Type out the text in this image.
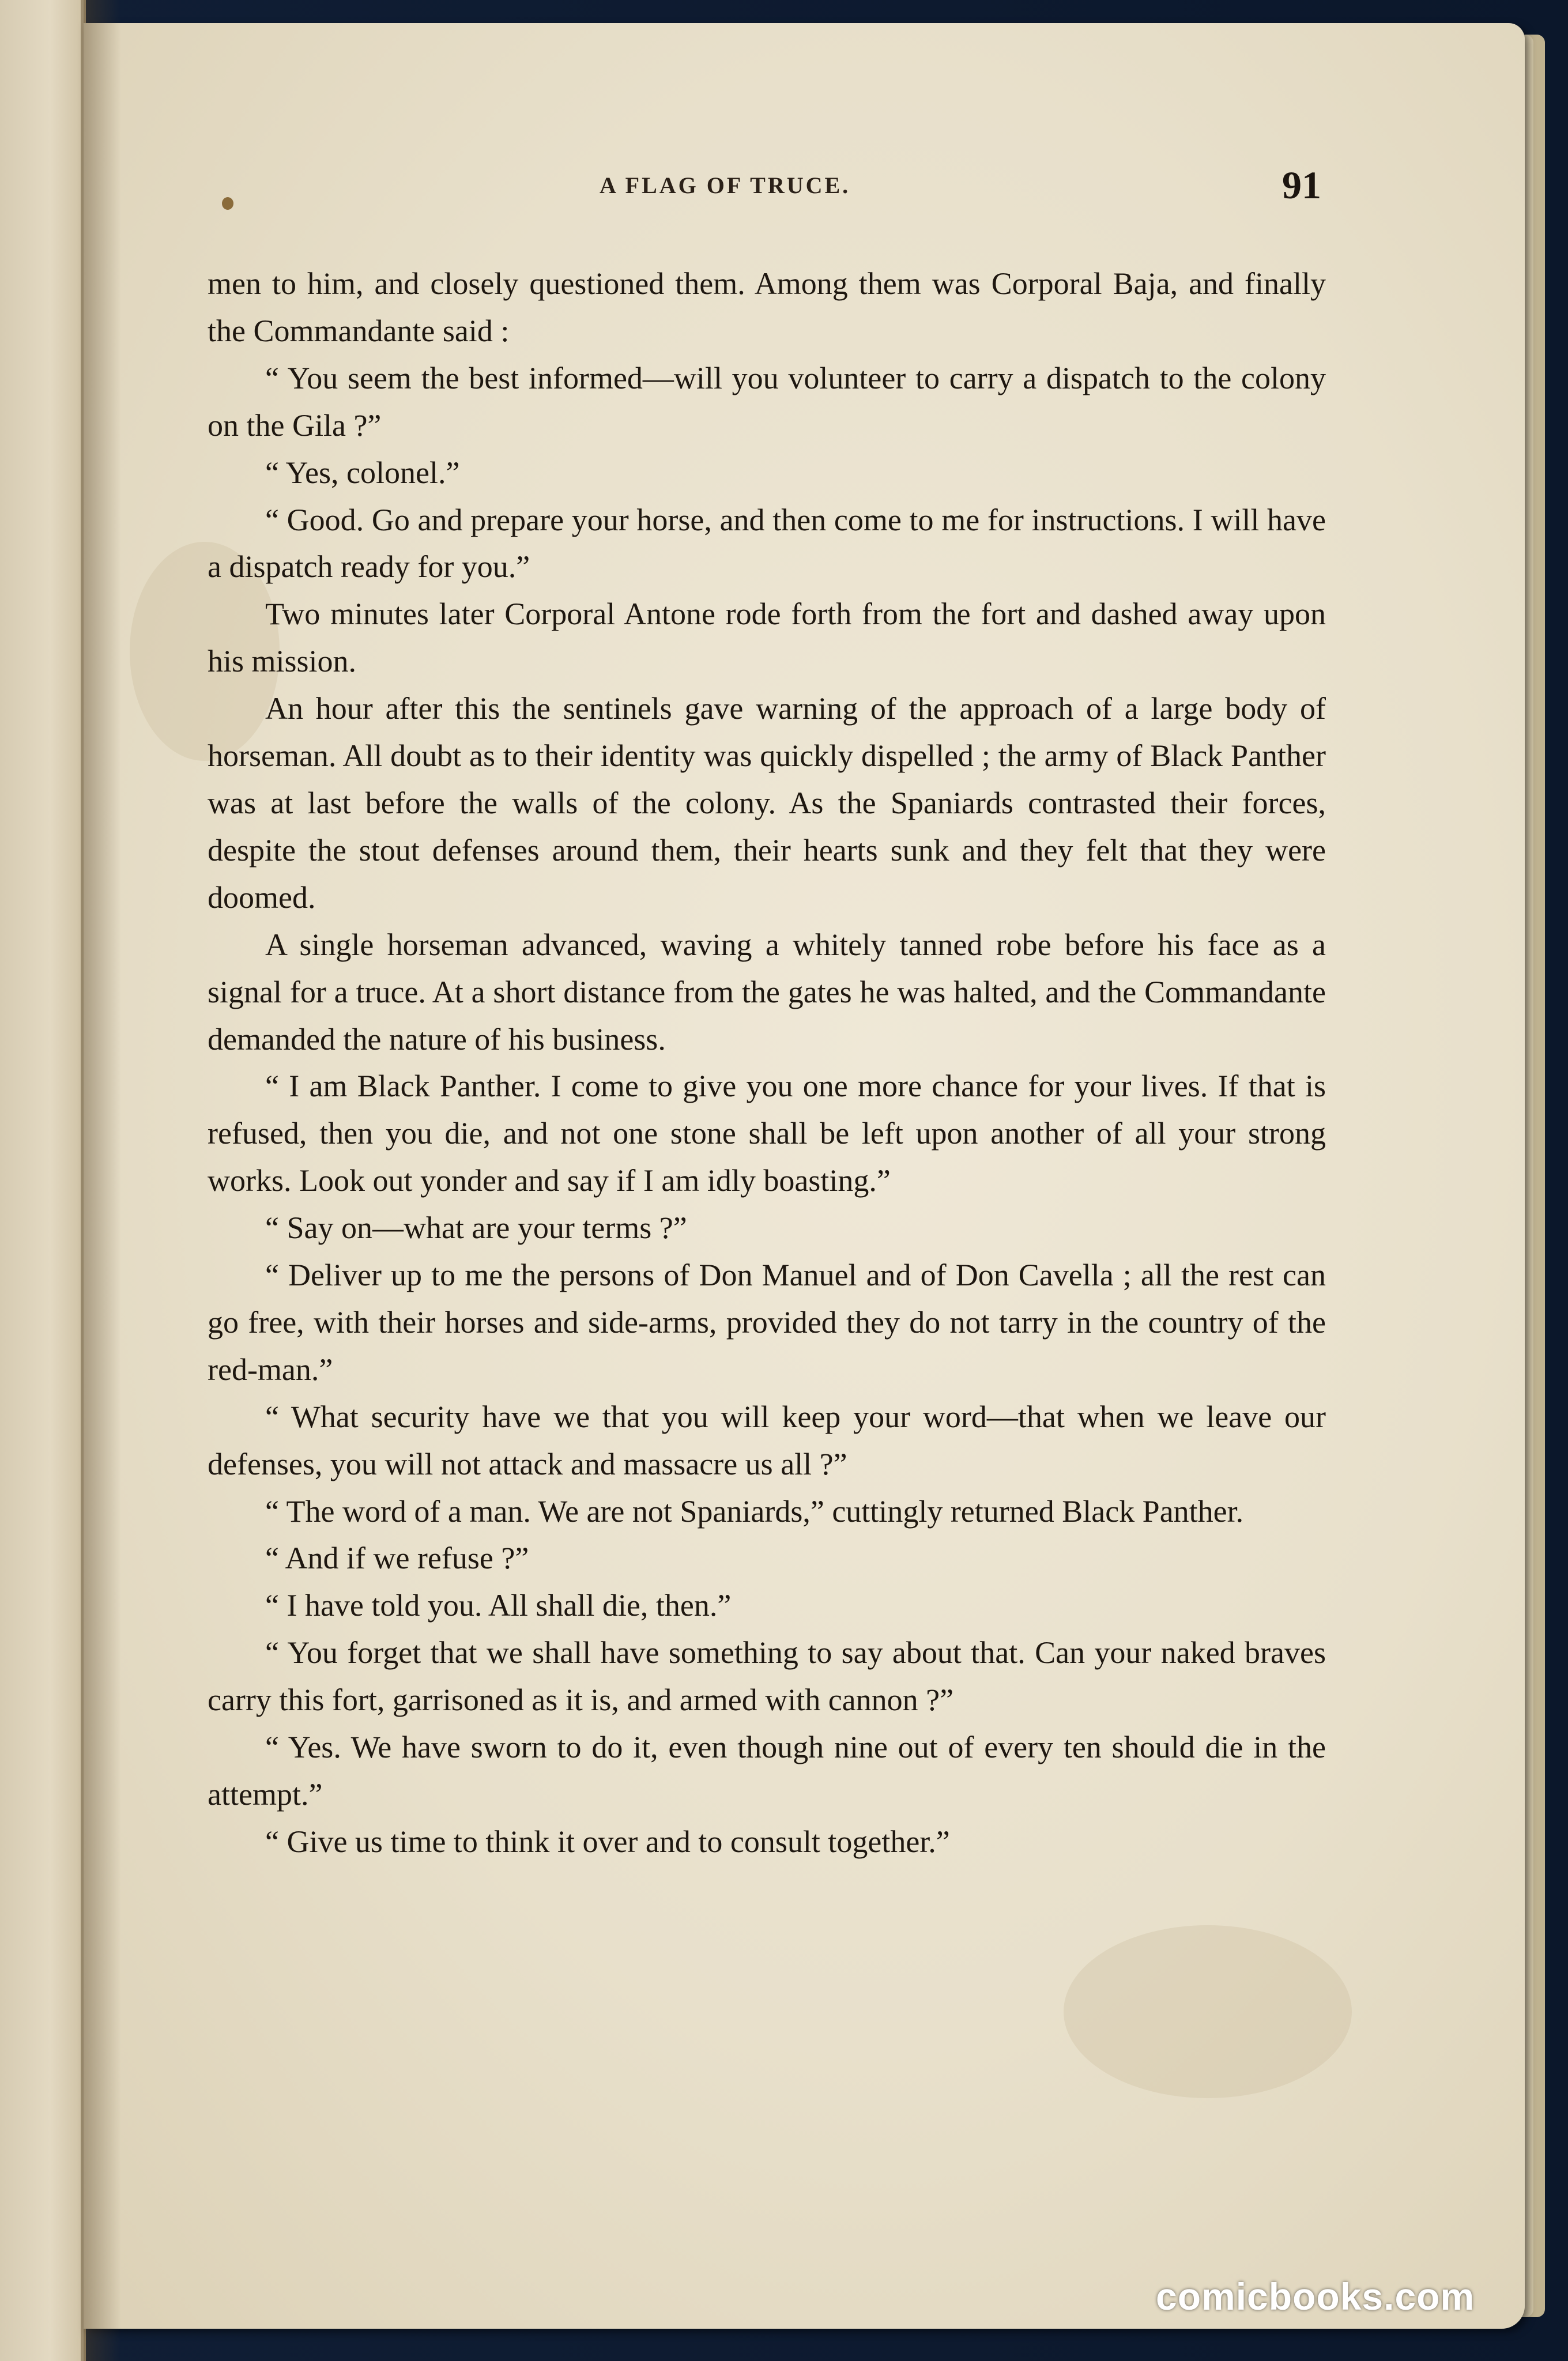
A FLAG OF TRUCE.	91

men to him, and closely questioned them. Among them was Corporal Baja, and finally the Commandante said :

“ You seem the best informed—will you volunteer to carry a dispatch to the colony on the Gila ?”

“ Yes, colonel.”

“ Good. Go and prepare your horse, and then come to me for instructions. I will have a dispatch ready for you.”

Two minutes later Corporal Antone rode forth from the fort and dashed away upon his mission.

An hour after this the sentinels gave warning of the approach of a large body of horseman. All doubt as to their identity was quickly dispelled ; the army of Black Panther was at last before the walls of the colony. As the Spaniards contrasted their forces, despite the stout defenses around them, their hearts sunk and they felt that they were doomed.

A single horseman advanced, waving a whitely tanned robe before his face as a signal for a truce. At a short distance from the gates he was halted, and the Commandante demanded the nature of his business.

“ I am Black Panther. I come to give you one more chance for your lives. If that is refused, then you die, and not one stone shall be left upon another of all your strong works. Look out yonder and say if I am idly boasting.”

“ Say on—what are your terms ?”

“ Deliver up to me the persons of Don Manuel and of Don Cavella ; all the rest can go free, with their horses and side-arms, provided they do not tarry in the country of the red-man.”

“ What security have we that you will keep your word—that when we leave our defenses, you will not attack and massacre us all ?”

“ The word of a man. We are not Spaniards,” cuttingly returned Black Panther.

“ And if we refuse ?”

“ I have told you. All shall die, then.”

“ You forget that we shall have something to say about that. Can your naked braves carry this fort, garrisoned as it is, and armed with cannon ?”

“ Yes. We have sworn to do it, even though nine out of every ten should die in the attempt.”

“ Give us time to think it over and to consult together.”

comicbooks.com
